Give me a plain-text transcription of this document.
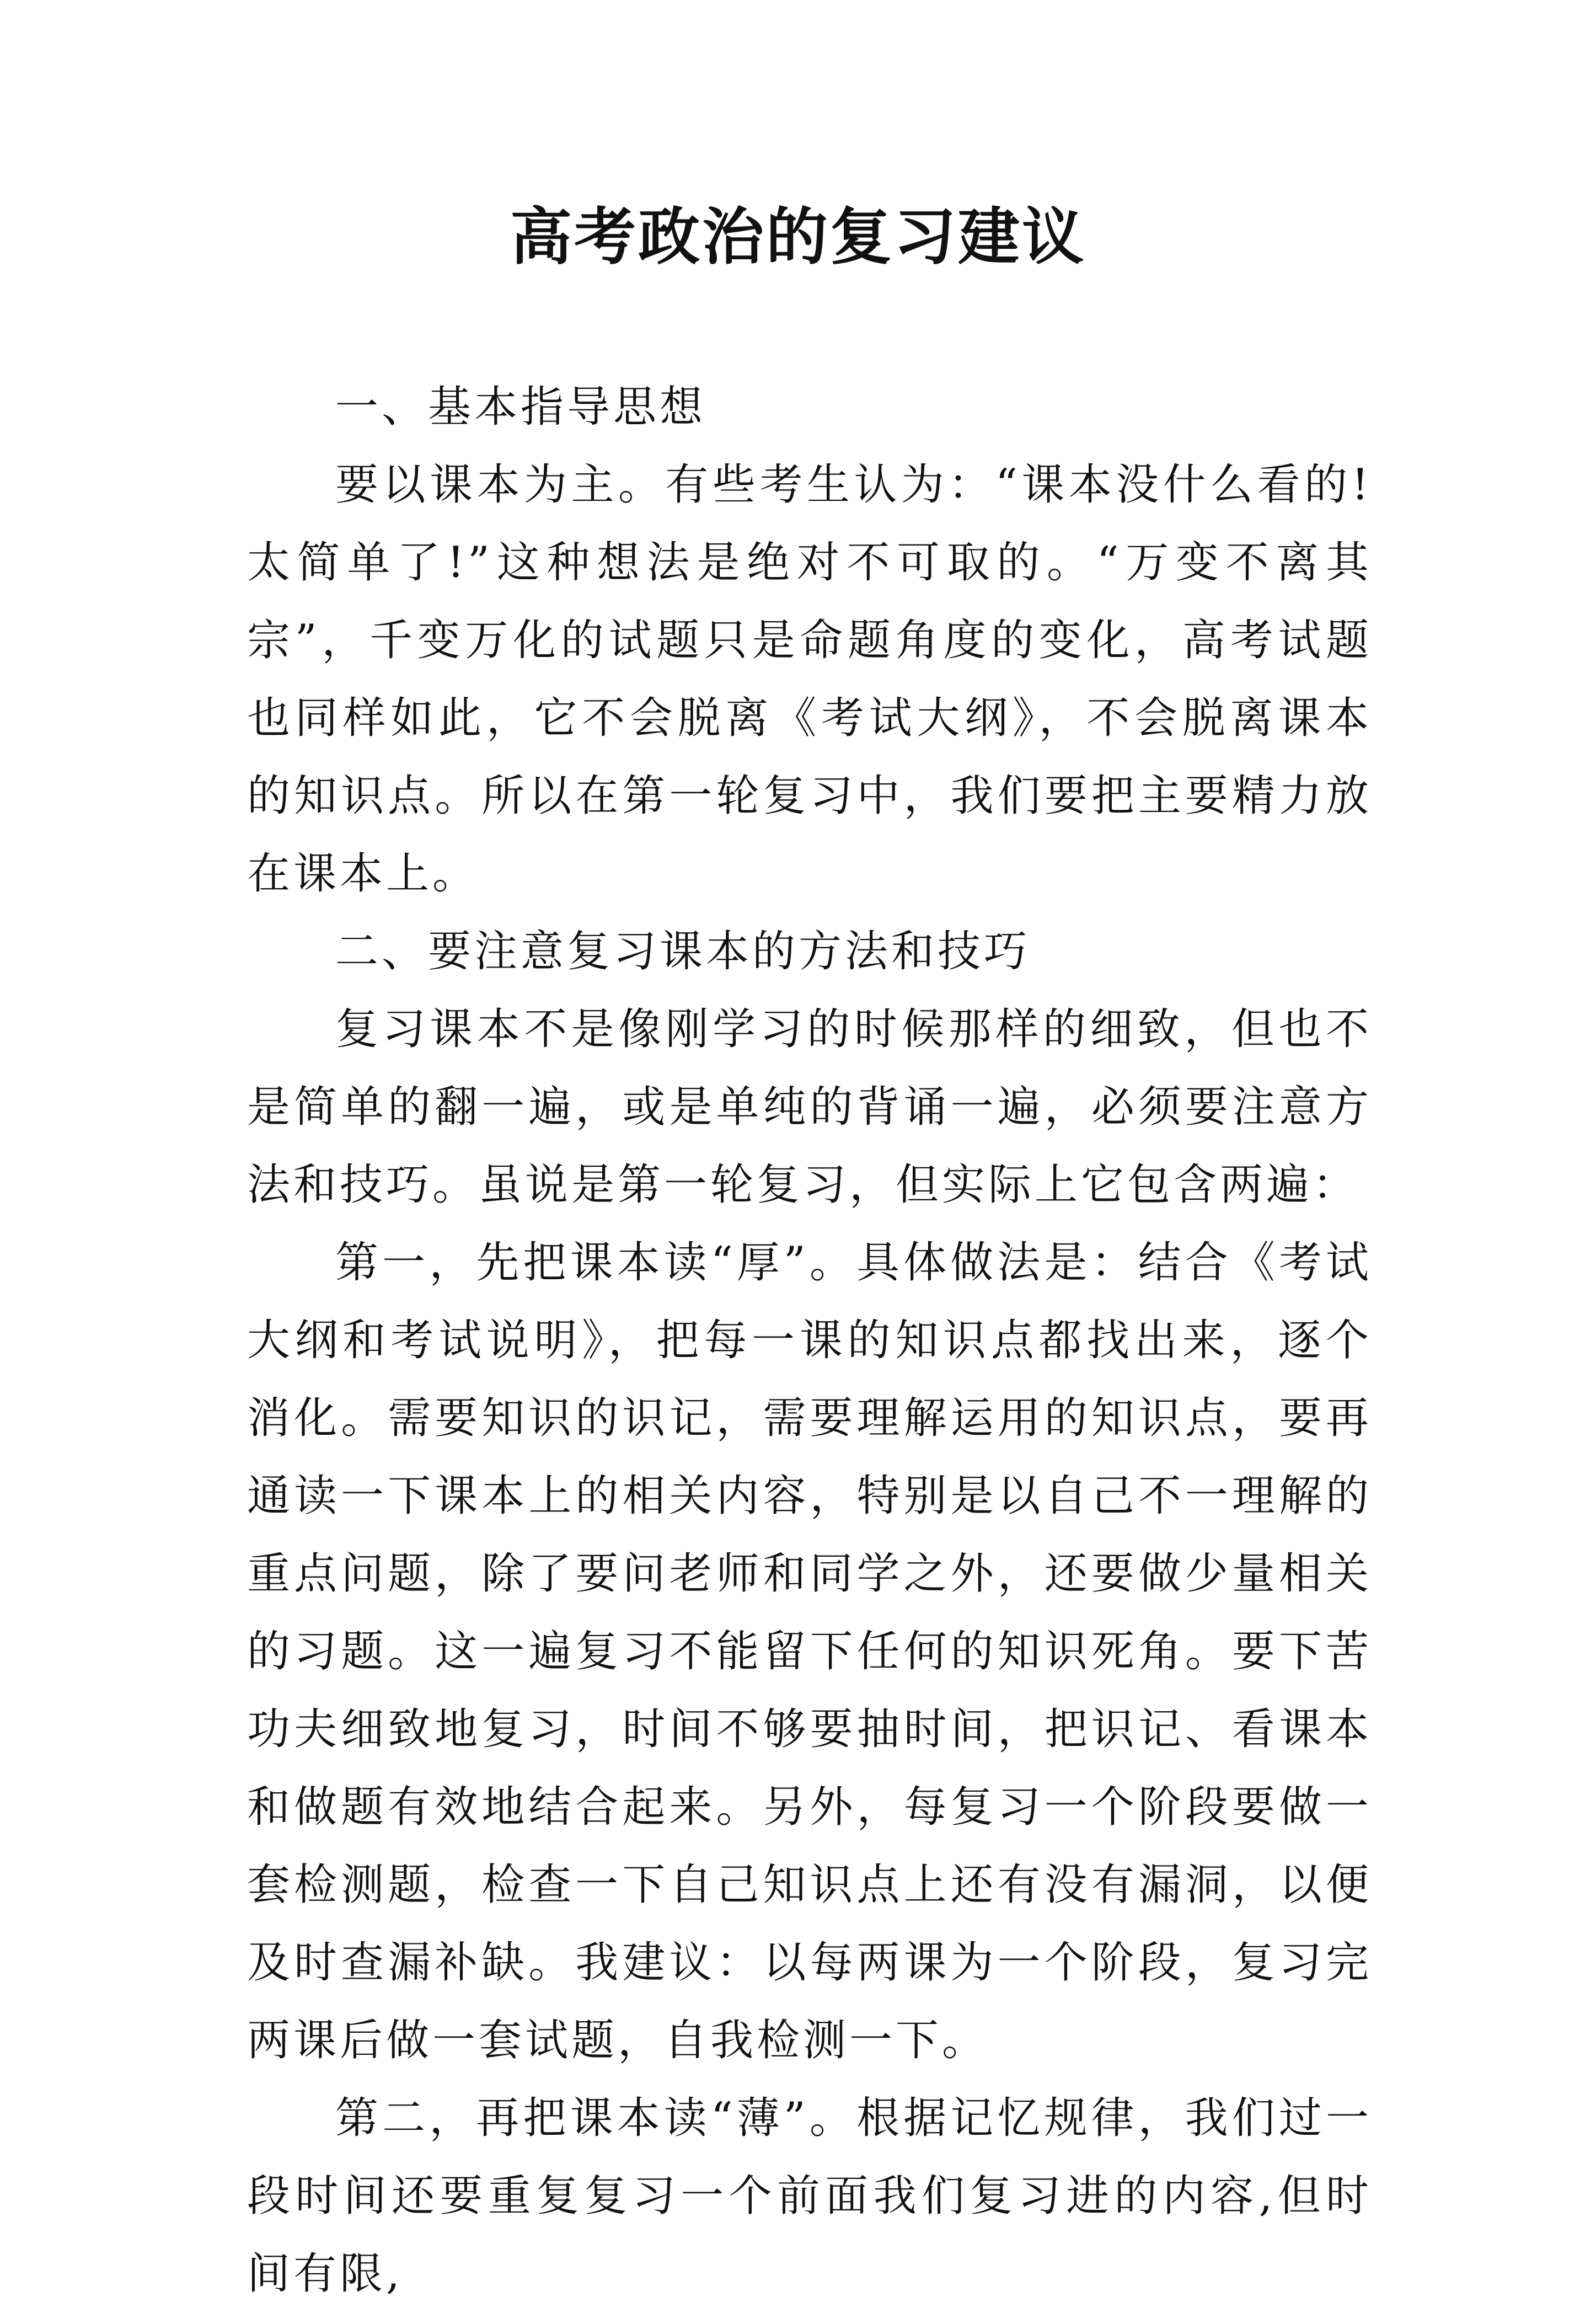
高考政治的复习建议

一、基本指导思想

要以课本为主。有些考生认为：“课本没什么看的!太简单了!”这种想法是绝对不可取的。“万变不离其宗”，千变万化的试题只是命题角度的变化，高考试题也同样如此，它不会脱离《考试大纲》，不会脱离课本的知识点。所以在第一轮复习中，我们要把主要精力放在课本上。

二、要注意复习课本的方法和技巧

复习课本不是像刚学习的时候那样的细致，但也不是简单的翻一遍，或是单纯的背诵一遍，必须要注意方法和技巧。虽说是第一轮复习，但实际上它包含两遍：

第一，先把课本读“厚”。具体做法是：结合《考试大纲和考试说明》，把每一课的知识点都找出来，逐个消化。需要知识的识记，需要理解运用的知识点，要再通读一下课本上的相关内容，特别是以自己不一理解的重点问题，除了要问老师和同学之外，还要做少量相关的习题。这一遍复习不能留下任何的知识死角。要下苦功夫细致地复习，时间不够要抽时间，把识记、看课本和做题有效地结合起来。另外，每复习一个阶段要做一套检测题，检查一下自己知识点上还有没有漏洞，以便及时查漏补缺。我建议：以每两课为一个阶段，复习完两课后做一套试题，自我检测一下。

第二，再把课本读“薄”。根据记忆规律，我们过一段时间还要重复复习一个前面我们复习进的内容,但时间有限,
